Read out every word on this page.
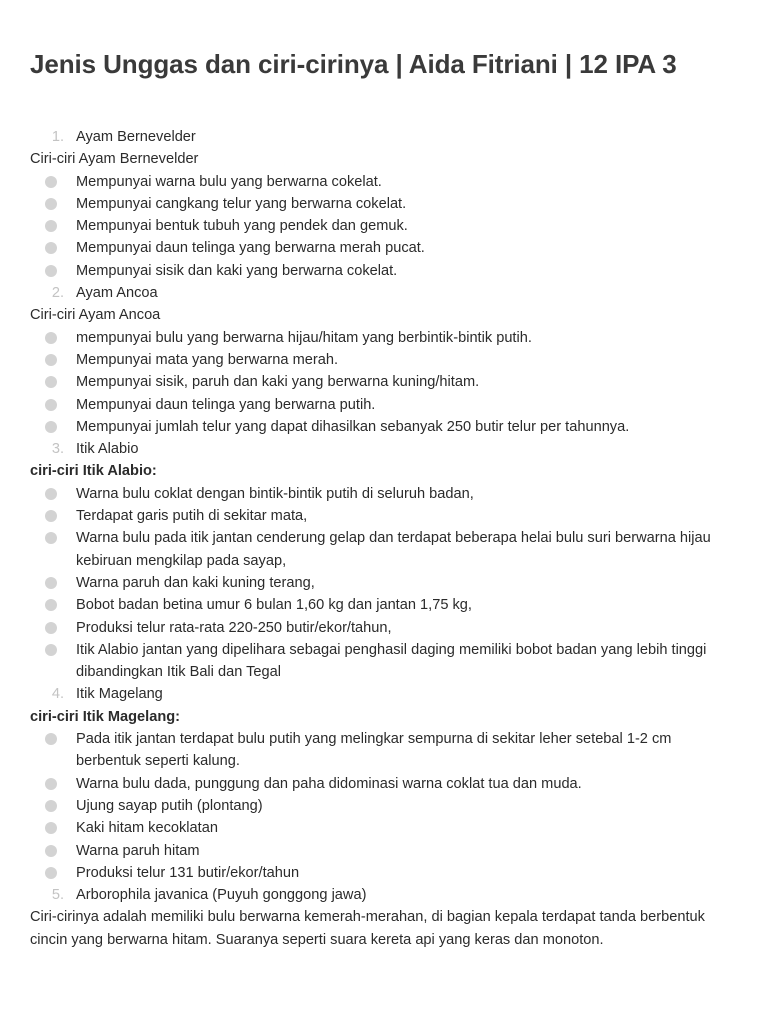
Jenis Unggas dan ciri-cirinya | Aida Fitriani | 12 IPA 3
1. Ayam Bernevelder
Ciri-ciri Ayam Bernevelder
Mempunyai warna bulu yang berwarna cokelat.
Mempunyai cangkang telur yang berwarna cokelat.
Mempunyai bentuk tubuh yang pendek dan gemuk.
Mempunyai daun telinga yang berwarna merah pucat.
Mempunyai sisik dan kaki yang berwarna cokelat.
2. Ayam Ancoa
Ciri-ciri Ayam Ancoa
mempunyai bulu yang berwarna hijau/hitam yang berbintik-bintik putih.
Mempunyai mata yang berwarna merah.
Mempunyai sisik, paruh dan kaki yang berwarna kuning/hitam.
Mempunyai daun telinga yang berwarna putih.
Mempunyai jumlah telur yang dapat dihasilkan sebanyak 250 butir telur per tahunnya.
3. Itik Alabio
ciri-ciri Itik Alabio:
Warna bulu coklat dengan bintik-bintik putih di seluruh badan,
Terdapat garis putih di sekitar mata,
Warna bulu pada itik jantan cenderung gelap dan terdapat beberapa helai bulu suri berwarna hijau kebiruan mengkilap pada sayap,
Warna paruh dan kaki kuning terang,
Bobot badan betina umur 6 bulan 1,60 kg dan jantan 1,75 kg,
Produksi telur rata-rata 220-250 butir/ekor/tahun,
Itik Alabio jantan yang dipelihara sebagai penghasil daging memiliki bobot badan yang lebih tinggi dibandingkan Itik Bali dan Tegal
4. Itik Magelang
ciri-ciri Itik Magelang:
Pada itik jantan terdapat bulu putih yang melingkar sempurna di sekitar leher setebal 1-2 cm berbentuk seperti kalung.
Warna bulu dada, punggung dan paha didominasi warna coklat tua dan muda.
Ujung sayap putih (plontang)
Kaki hitam kecoklatan
Warna paruh hitam
Produksi telur 131 butir/ekor/tahun
5. Arborophila javanica (Puyuh gonggong jawa)
Ciri-cirinya adalah memiliki bulu berwarna kemerah-merahan, di bagian kepala terdapat tanda berbentuk cincin yang berwarna hitam. Suaranya seperti suara kereta api yang keras dan monoton.
